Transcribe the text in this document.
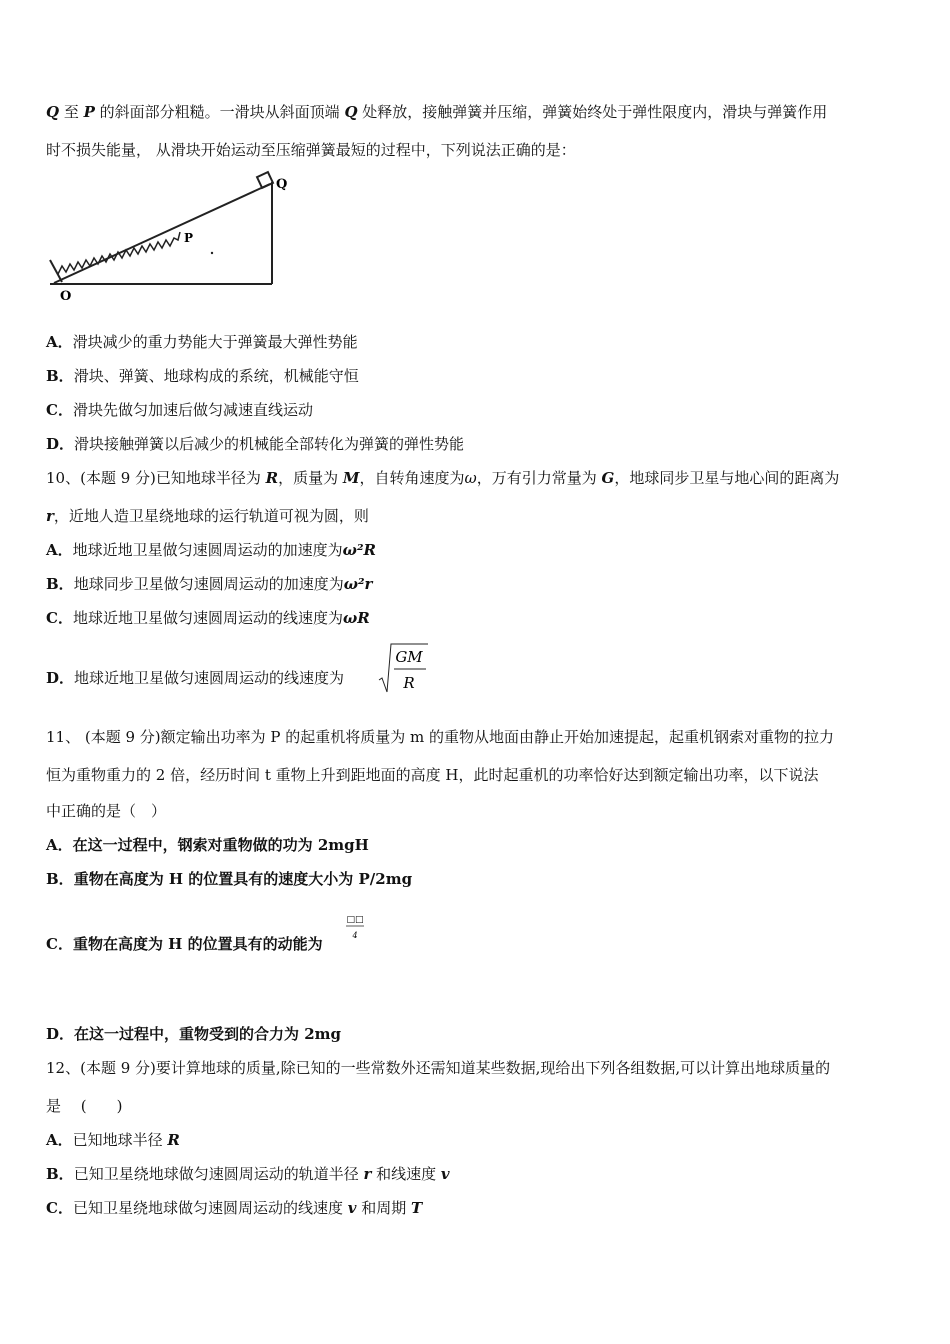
Q 至 P 的斜面部分粗糙。一滑块从斜面顶端 Q 处释放，接触弹簧并压缩，弹簧始终处于弹性限度内，滑块与弹簧作用
时不损失能量， 从滑块开始运动至压缩弹簧最短的过程中，下列说法正确的是：
Q
P
O
A．滑块减少的重力势能大于弹簧最大弹性势能
B．滑块、弹簧、地球构成的系统，机械能守恒
C．滑块先做匀加速后做匀减速直线运动
D．滑块接触弹簧以后减少的机械能全部转化为弹簧的弹性势能
10、(本题 9 分)已知地球半径为 R，质量为 M，自转角速度为ω，万有引力常量为 G，地球同步卫星与地心间的距离为
r，近地人造卫星绕地球的运行轨道可视为圆，则
A．地球近地卫星做匀速圆周运动的加速度为ω²R
B．地球同步卫星做匀速圆周运动的加速度为ω²r
C．地球近地卫星做匀速圆周运动的线速度为ωR
D．地球近地卫星做匀速圆周运动的线速度为
GM
R
11、 (本题 9 分)额定输出功率为 P 的起重机将质量为 m 的重物从地面由静止开始加速提起，起重机钢索对重物的拉力
恒为重物重力的 2 倍，经历时间 t 重物上升到距地面的高度 H，此时起重机的功率恰好达到额定输出功率，以下说法
中正确的是（　）
A．在这一过程中，钢索对重物做的功为 2mgH
B．重物在高度为 H 的位置具有的速度大小为 P/2mg
C．重物在高度为 H 的位置具有的动能为
□□
4
D．在这一过程中，重物受到的合力为 2mg
12、(本题 9 分)要计算地球的质量,除已知的一些常数外还需知道某些数据,现给出下列各组数据,可以计算出地球质量的
是 　(　　)
A．已知地球半径 R
B．已知卫星绕地球做匀速圆周运动的轨道半径 r 和线速度 v
C．已知卫星绕地球做匀速圆周运动的线速度 v 和周期 T
